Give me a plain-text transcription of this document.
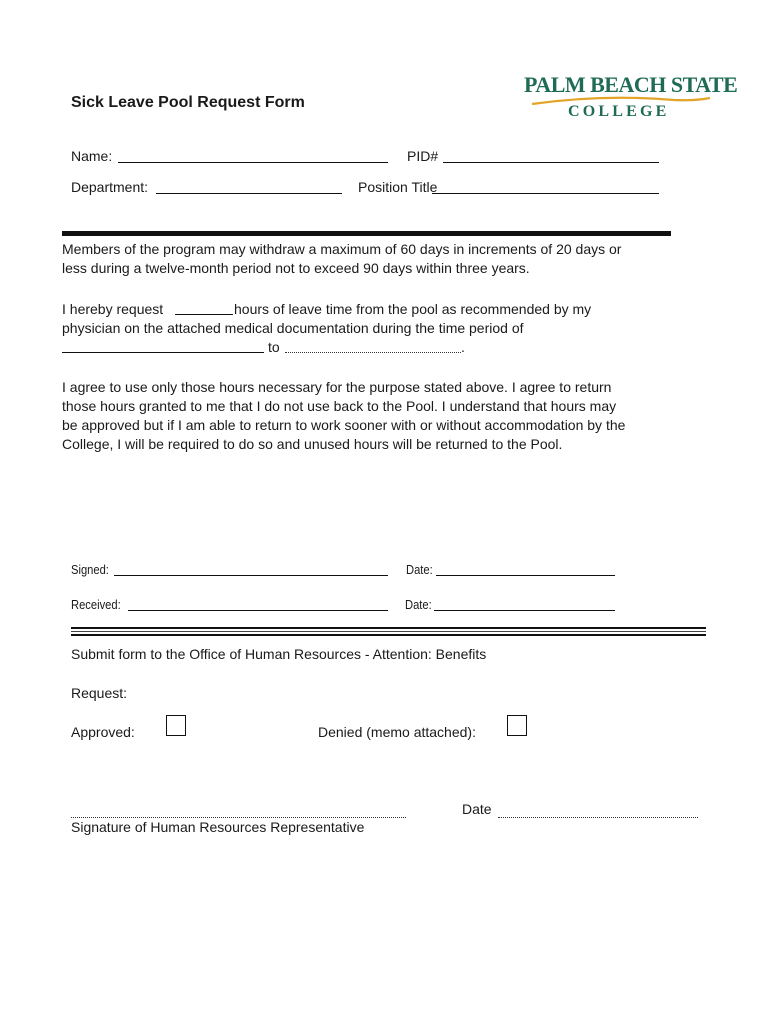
PALM BEACH STATE
COLLEGE
Sick Leave Pool Request Form
Name:	PID#
Department:	Position Title
Members of the program may withdraw a maximum of 60 days in increments of 20 days or
less during a twelve-month period not to exceed 90 days within three years.
I hereby request	hours of leave time from the pool as recommended by my
physician on the attached medical documentation during the time period of
to	.
I agree to use only those hours necessary for the purpose stated above. I agree to return
those hours granted to me that I do not use back to the Pool. I understand that hours may
be approved but if I am able to return to work sooner with or without accommodation by the
College, I will be required to do so and unused hours will be returned to the Pool.
Signed:	Date:
Received:	Date:
Submit form to the Office of Human Resources - Attention: Benefits
Request:
Approved:	Denied (memo attached):
Signature of Human Resources Representative
Date
